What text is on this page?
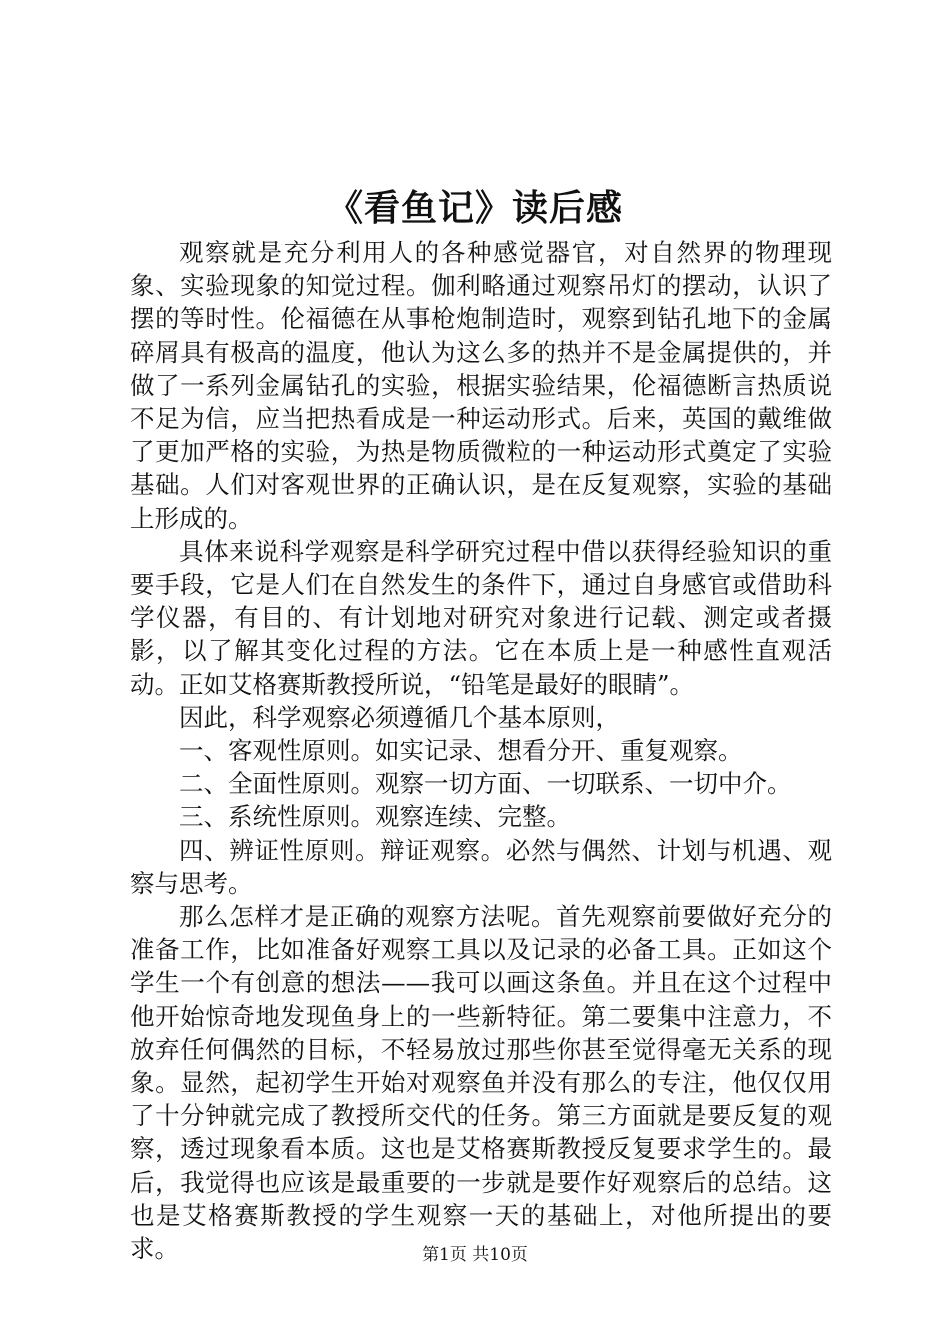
《看鱼记》读后感

观察就是充分利用人的各种感觉器官，对自然界的物理现象、实验现象的知觉过程。伽利略通过观察吊灯的摆动，认识了摆的等时性。伦福德在从事枪炮制造时，观察到钻孔地下的金属碎屑具有极高的温度，他认为这么多的热并不是金属提供的，并做了一系列金属钻孔的实验，根据实验结果，伦福德断言热质说不足为信，应当把热看成是一种运动形式。后来，英国的戴维做了更加严格的实验，为热是物质微粒的一种运动形式奠定了实验基础。人们对客观世界的正确认识，是在反复观察，实验的基础上形成的。

具体来说科学观察是科学研究过程中借以获得经验知识的重要手段，它是人们在自然发生的条件下，通过自身感官或借助科学仪器，有目的、有计划地对研究对象进行记载、测定或者摄影，以了解其变化过程的方法。它在本质上是一种感性直观活动。正如艾格赛斯教授所说，“铅笔是最好的眼睛”。

因此，科学观察必须遵循几个基本原则，

一、客观性原则。如实记录、想看分开、重复观察。

二、全面性原则。观察一切方面、一切联系、一切中介。

三、系统性原则。观察连续、完整。

四、辨证性原则。辩证观察。必然与偶然、计划与机遇、观察与思考。

那么怎样才是正确的观察方法呢。首先观察前要做好充分的准备工作，比如准备好观察工具以及记录的必备工具。正如这个学生一个有创意的想法——我可以画这条鱼。并且在这个过程中他开始惊奇地发现鱼身上的一些新特征。第二要集中注意力，不放弃任何偶然的目标，不轻易放过那些你甚至觉得毫无关系的现象。显然，起初学生开始对观察鱼并没有那么的专注，他仅仅用了十分钟就完成了教授所交代的任务。第三方面就是要反复的观察，透过现象看本质。这也是艾格赛斯教授反复要求学生的。最后，我觉得也应该是最重要的一步就是要作好观察后的总结。这也是艾格赛斯教授的学生观察一天的基础上，对他所提出的要求。	第1页 共10页
